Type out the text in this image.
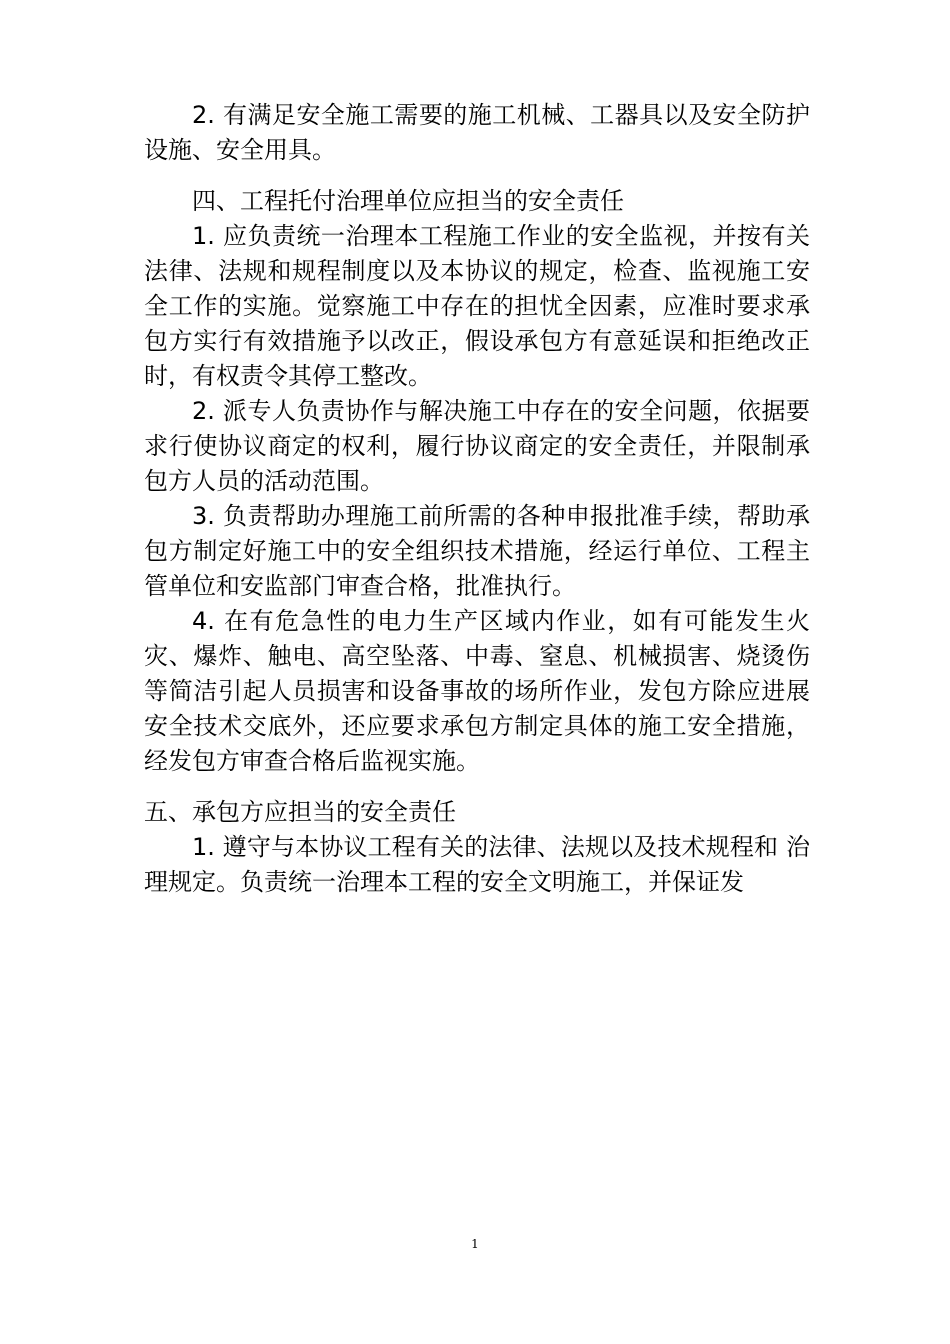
2. 有满足安全施工需要的施工机械、工器具以及安全防护设施、安全用具。

四、工程托付治理单位应担当的安全责任

1. 应负责统一治理本工程施工作业的安全监视，并按有关法律、法规和规程制度以及本协议的规定，检查、监视施工安全工作的实施。觉察施工中存在的担忧全因素，应准时要求承包方实行有效措施予以改正，假设承包方有意延误和拒绝改正时，有权责令其停工整改。

2. 派专人负责协作与解决施工中存在的安全问题，依据要求行使协议商定的权利，履行协议商定的安全责任，并限制承包方人员的活动范围。

3. 负责帮助办理施工前所需的各种申报批准手续，帮助承包方制定好施工中的安全组织技术措施，经运行单位、工程主管单位和安监部门审查合格，批准执行。

4. 在有危急性的电力生产区域内作业，如有可能发生火灾、爆炸、触电、高空坠落、中毒、窒息、机械损害、烧烫伤等简洁引起人员损害和设备事故的场所作业，发包方除应进展安全技术交底外，还应要求承包方制定具体的施工安全措施，经发包方审查合格后监视实施。

五、承包方应担当的安全责任

1. 遵守与本协议工程有关的法律、法规以及技术规程和 治理规定。负责统一治理本工程的安全文明施工，并保证发

1
